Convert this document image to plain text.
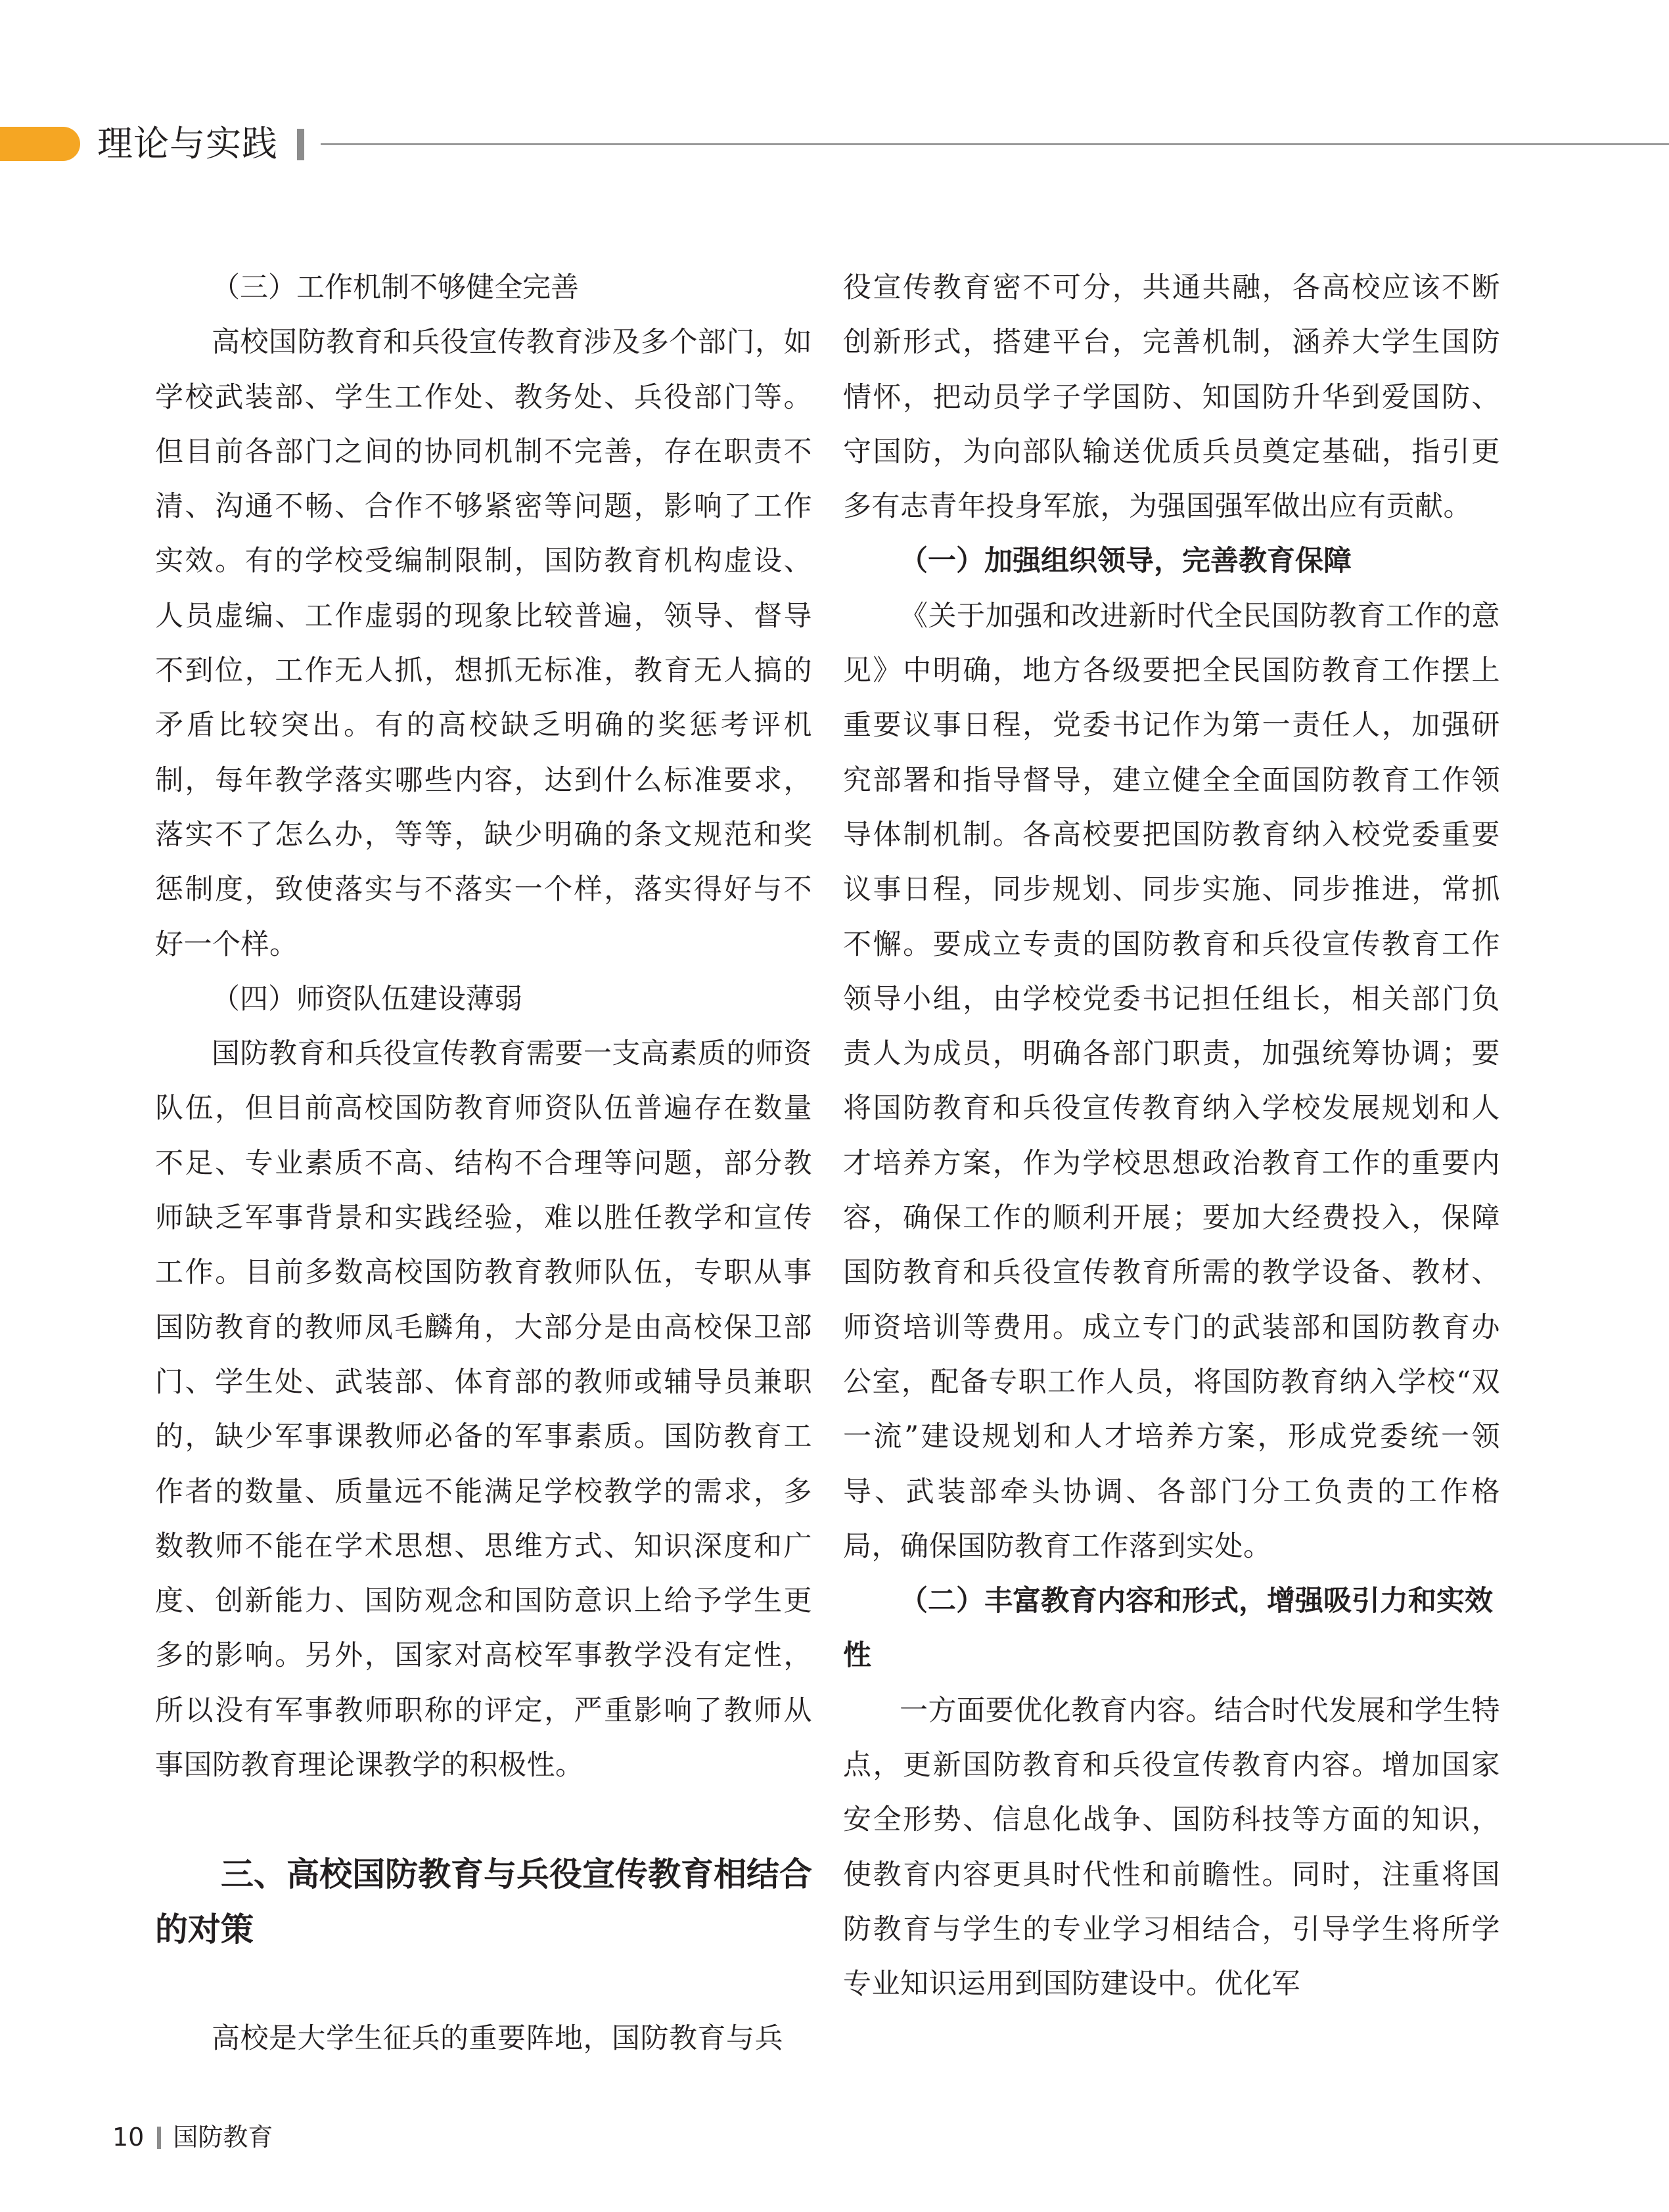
理论与实践
（三）工作机制不够健全完善

高校国防教育和兵役宣传教育涉及多个部门，如学校武装部、学生工作处、教务处、兵役部门等。但目前各部门之间的协同机制不完善，存在职责不清、沟通不畅、合作不够紧密等问题，影响了工作实效。有的学校受编制限制，国防教育机构虚设、人员虚编、工作虚弱的现象比较普遍，领导、督导不到位，工作无人抓，想抓无标准，教育无人搞的矛盾比较突出。有的高校缺乏明确的奖惩考评机制，每年教学落实哪些内容，达到什么标准要求，落实不了怎么办，等等，缺少明确的条文规范和奖惩制度，致使落实与不落实一个样，落实得好与不好一个样。

（四）师资队伍建设薄弱

国防教育和兵役宣传教育需要一支高素质的师资队伍，但目前高校国防教育师资队伍普遍存在数量不足、专业素质不高、结构不合理等问题，部分教师缺乏军事背景和实践经验，难以胜任教学和宣传工作。目前多数高校国防教育教师队伍，专职从事国防教育的教师凤毛麟角，大部分是由高校保卫部门、学生处、武装部、体育部的教师或辅导员兼职的，缺少军事课教师必备的军事素质。国防教育工作者的数量、质量远不能满足学校教学的需求，多数教师不能在学术思想、思维方式、知识深度和广度、创新能力、国防观念和国防意识上给予学生更多的影响。另外，国家对高校军事教学没有定性，所以没有军事教师职称的评定，严重影响了教师从事国防教育理论课教学的积极性。

三、高校国防教育与兵役宣传教育相结合的对策

高校是大学生征兵的重要阵地，国防教育与兵

役宣传教育密不可分，共通共融，各高校应该不断创新形式，搭建平台，完善机制，涵养大学生国防情怀，把动员学子学国防、知国防升华到爱国防、守国防，为向部队输送优质兵员奠定基础，指引更多有志青年投身军旅，为强国强军做出应有贡献。

（一）加强组织领导，完善教育保障

《关于加强和改进新时代全民国防教育工作的意见》中明确，地方各级要把全民国防教育工作摆上重要议事日程，党委书记作为第一责任人，加强研究部署和指导督导，建立健全全面国防教育工作领导体制机制。各高校要把国防教育纳入校党委重要议事日程，同步规划、同步实施、同步推进，常抓不懈。要成立专责的国防教育和兵役宣传教育工作领导小组，由学校党委书记担任组长，相关部门负责人为成员，明确各部门职责，加强统筹协调；要将国防教育和兵役宣传教育纳入学校发展规划和人才培养方案，作为学校思想政治教育工作的重要内容，确保工作的顺利开展；要加大经费投入，保障国防教育和兵役宣传教育所需的教学设备、教材、师资培训等费用。成立专门的武装部和国防教育办公室，配备专职工作人员，将国防教育纳入学校“双一流”建设规划和人才培养方案，形成党委统一领导、武装部牵头协调、各部门分工负责的工作格局，确保国防教育工作落到实处。

（二）丰富教育内容和形式，增强吸引力和实效性

一方面要优化教育内容。结合时代发展和学生特点，更新国防教育和兵役宣传教育内容。增加国家安全形势、信息化战争、国防科技等方面的知识，使教育内容更具时代性和前瞻性。同时，注重将国防教育与学生的专业学习相结合，引导学生将所学专业知识运用到国防建设中。优化军

10 国防教育
